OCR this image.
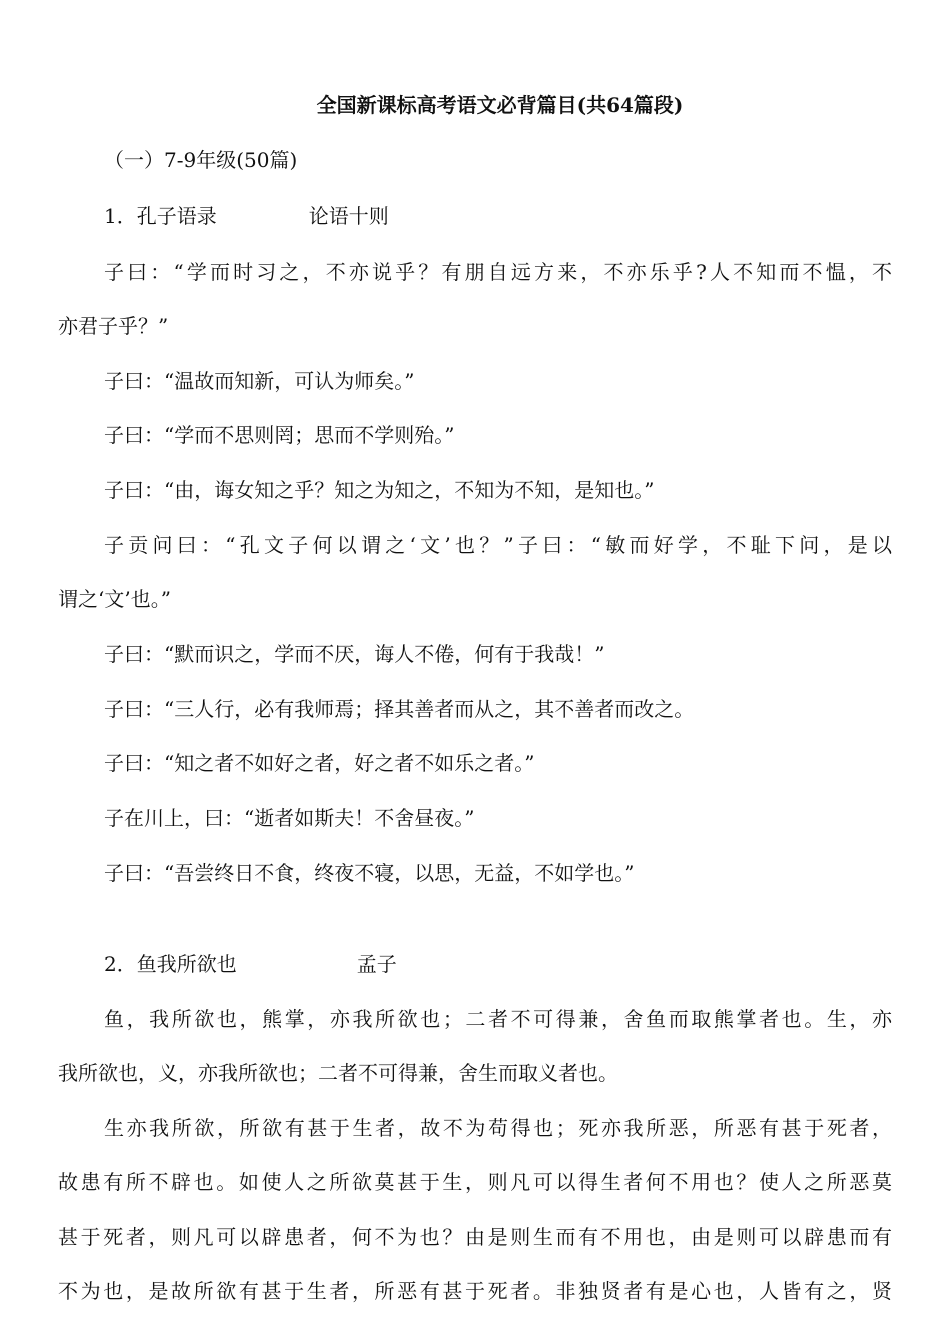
全国新课标高考语文必背篇目(共64篇段)
（一）7-9年级(50篇)
1．孔子语录	论语十则
子曰：“学而时习之，不亦说乎？有朋自远方来，不亦乐乎?人不知而不愠，不
亦君子乎？”
子曰：“温故而知新，可认为师矣。”
子曰：“学而不思则罔；思而不学则殆。”
子曰：“由，诲女知之乎？知之为知之，不知为不知，是知也。”
子贡问曰：“孔文子何以谓之‘文’也？”子曰：“敏而好学，不耻下问，是以
谓之‘文’也。”
子曰：“默而识之，学而不厌，诲人不倦，何有于我哉！”
子曰：“三人行，必有我师焉；择其善者而从之，其不善者而改之。
子曰：“知之者不如好之者，好之者不如乐之者。”
子在川上，曰：“逝者如斯夫！不舍昼夜。”
子曰：“吾尝终日不食，终夜不寝，以思，无益，不如学也。”
2．鱼我所欲也	孟子
鱼，我所欲也，熊掌，亦我所欲也；二者不可得兼，舍鱼而取熊掌者也。生，亦
我所欲也，义，亦我所欲也；二者不可得兼，舍生而取义者也。
生亦我所欲，所欲有甚于生者，故不为苟得也；死亦我所恶，所恶有甚于死者，
故患有所不辟也。如使人之所欲莫甚于生，则凡可以得生者何不用也？使人之所恶莫
甚于死者，则凡可以辟患者，何不为也？由是则生而有不用也，由是则可以辟患而有
不为也，是故所欲有甚于生者，所恶有甚于死者。非独贤者有是心也，人皆有之，贤
